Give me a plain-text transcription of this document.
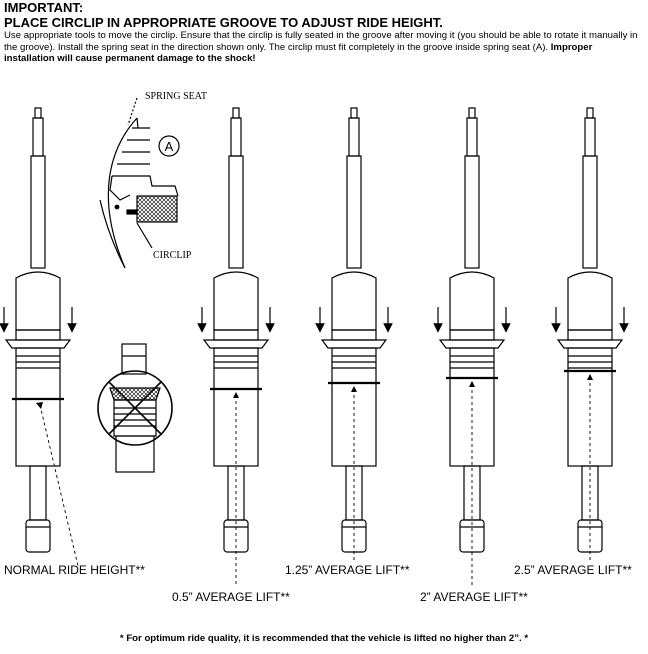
IMPORTANT:

PLACE CIRCLIP IN APPROPRIATE GROOVE TO ADJUST RIDE HEIGHT.

Use appropriate tools to move the circlip. Ensure that the circlip is fully seated in the groove after moving it (you should be able to rotate it manually in the groove). Install the spring seat in the direction shown only. The circlip must fit completely in the groove inside spring seat (A). Improper installation will cause permanent damage to the shock!

A
SPRING SEAT
CIRCLIP
NORMAL RIDE HEIGHT**
0.5” AVERAGE LIFT**
1.25” AVERAGE LIFT**
2” AVERAGE LIFT**
2.5” AVERAGE LIFT**
* For optimum ride quality, it is recommended that the vehicle is lifted no higher than 2”. *
